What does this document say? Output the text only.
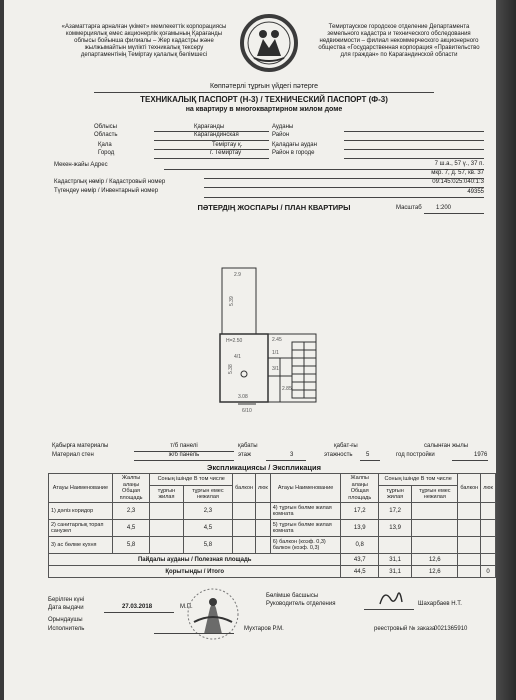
«Азаматтарға арналған үкімет» мемлекеттік корпорациясы
коммерциялық емес акционерлік қоғамының Қарағанды
облысы бойынша филиалы – Жер кадастры және
жылжымайтын мүлікті техникалық тексеру
департаментінің Теміртау қалалық бөлімшесі
Темиртауское городское отделение Департамента
земельного кадастра и технического обследования
недвижимости – филиал некоммерческого акционерного
общества «Государственная корпорация «Правительство
для граждан» по Карагандинской области
Көппәтерлі тұрғын үйдегі пәтерге
ТЕХНИКАЛЫҚ ПАСПОРТ (Н-3) / ТЕХНИЧЕСКИЙ ПАСПОРТ (Ф-3)
на квартиру в многоквартирном жилом доме
Облысы
Область
Қала
Город
Қарағанды
Карагандинская
Теміртау қ.
г. Темиртау
Ауданы
Район
Қаладағы аудан
Район в городе
Мекен-жайы Адрес	7 ш.а., 57 ү., 37 п.
мкр. 7, д. 57, кв. 37
Кадастрлық нөмір / Кадастровый номер	09:145:025:040:1:3
Түгендеу нөмір / Инвентарный номер	49355
ПӘТЕРДІҢ ЖОСПАРЫ / ПЛАН КВАРТИРЫ	Масштаб 1:200
2.9
5.39
H=2.50
4/1
5.38
3.08
2.45
1/1
3/1
2.85
6/10
Қабырға материалы
Материал стен
т/б панелі
ж/б панель
қабаты
этаж	3
қабат-ғы
этажность 5
салынған жылы
год постройки	1976
Экспликациясы / Экспликация
Атауы Наименование	Жалпы алаңы Общая площадь	Соның ішінде В том числе		балкон	люк	Атауы Наименование	Жалпы алаңы Общая площадь	Соның ішінде В том числе		балкон	люк
		тұрғын жилая	тұрғын емес нежилая					тұрғын жилая	тұрғын емес нежилая		
1) дәліз коридор	2,3		2,3			4) тұрғын бөлме жилая комната	17,2	17,2			
2) санитарлық торап санузел	4,5		4,5			5) тұрғын бөлме жилая комната	13,9	13,9			
3) ас бөлме кухня	5,8		5,8			6) балкон (коэф. 0,3) балкон (коэф. 0,3)	0,8				
Пайдалы ауданы / Полезная площадь							43,7	31,1	12,6		
Қорытынды / Итого							44,5	31,1	12,6		0
Берілген күні
Дата выдачи	27.03.2018
Орындаушы
Исполнитель
М.П.
Мухтаров Р.М.
Бөлімше басшысы
Руководитель отделения	Шахарбаев Н.Т.
реестровый № заказа
0021365910
